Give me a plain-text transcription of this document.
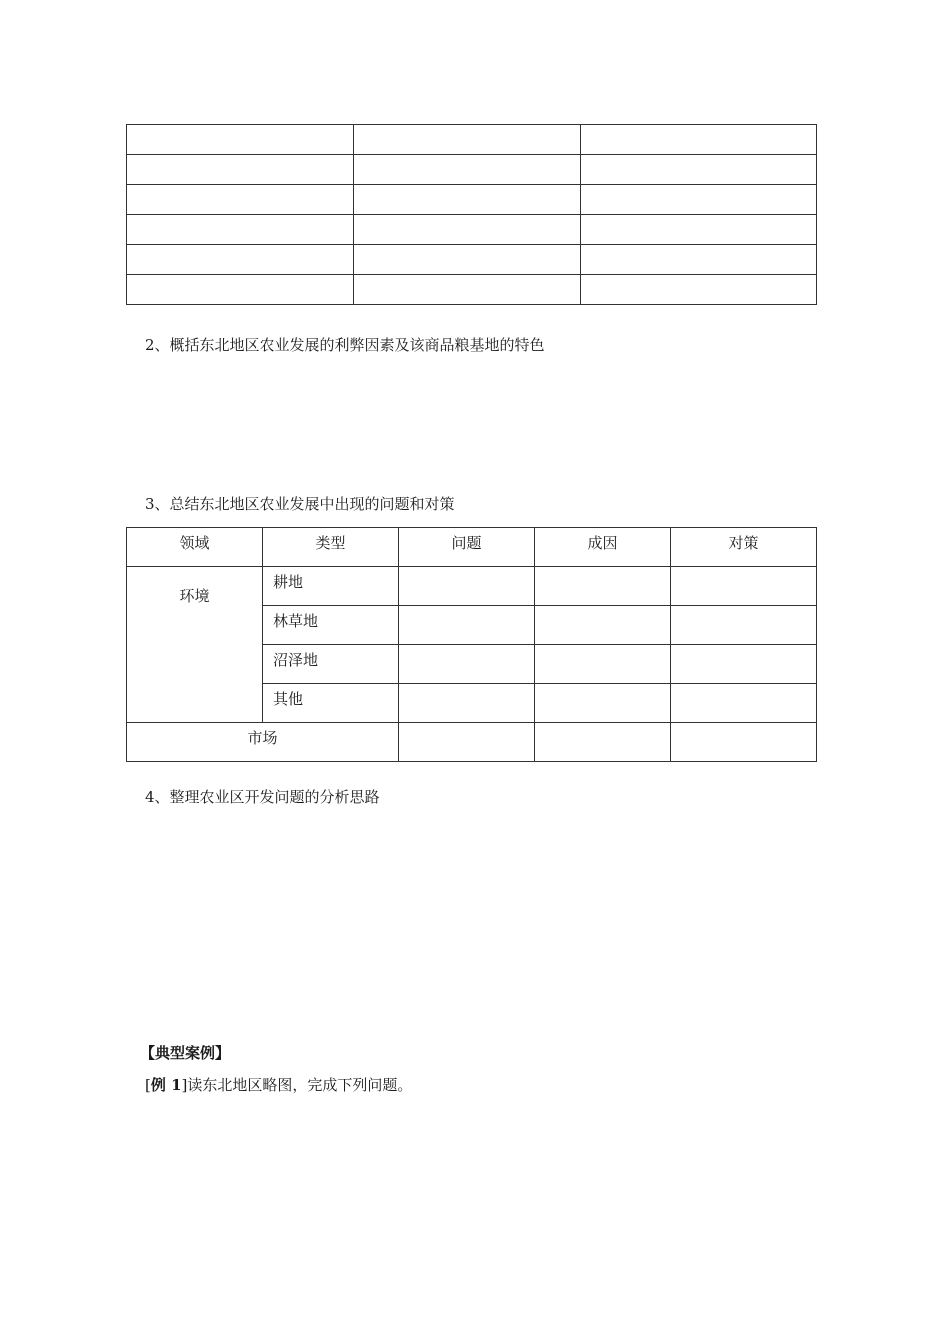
2、概括东北地区农业发展的利弊因素及该商品粮基地的特色

3、总结东北地区农业发展中出现的问题和对策

领域	类型	问题	成因	对策
环境	耕地			
	林草地			
	沼泽地			
	其他			
市场				

4、整理农业区开发问题的分析思路

【典型案例】

[例 1]读东北地区略图，完成下列问题。
